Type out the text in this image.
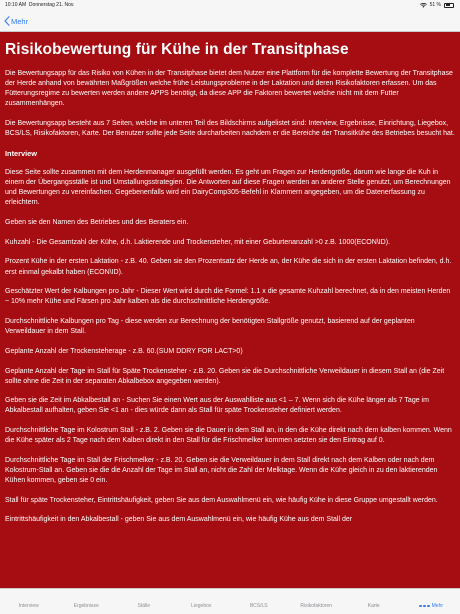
10:10 AM Donnerstag 21. Nov.	51 %
Mehr
Risikobewertung für Kühe in der Transitphase

Die Bewertungsapp für das Risiko von Kühen in der Transitphase bietet dem Nutzer eine Plattform für die komplette Bewertung der Transitphase der Herde anhand von bewährten Maßgrößen welche frühe Leistungsprobleme in der Laktation und deren Risikofaktoren erfassen. Um das Fütterungsregime zu bewerten werden andere APPS benötigt, da diese APP die Faktoren bewertet welche nicht mit dem Futter zusammenhängen.

Die Bewertungsapp besteht aus 7 Seiten, welche im unteren Teil des Bildschirms aufgelistet sind: Interview, Ergebnisse, Einrichtung, Liegebox, BCS/LS, Risikofaktoren, Karte. Der Benutzer sollte jede Seite durcharbeiten nachdem er die Bereiche der Transitkühe des Betriebes besucht hat.

Interview

Diese Seite sollte zusammen mit dem Herdenmanager ausgefüllt werden. Es geht um Fragen zur Herdengröße, darum wie lange die Kuh in einem der Übergangsställe ist und Umstallungsstrategien. Die Antworten auf diese Fragen werden an anderer Stelle genutzt, um Berechnungen und Bewertungen zu vereinfachen. Gegebenenfalls wird ein DairyComp305-Befehl in Klammern angegeben, um die Datenerfassung zu erleichtern.

Geben sie den Namen des Betriebes und des Beraters ein.

Kuhzahl - Die Gesamtzahl der Kühe, d.h. Laktierende und Trockensteher, mit einer Geburtenanzahl >0 z.B. 1000(ECON\ID).

Prozent Kühe in der ersten Laktation - z.B. 40. Geben sie den Prozentsatz der Herde an, der Kühe die sich in der ersten Laktation befinden, d.h. erst einmal gekalbt haben (ECON\ID).

Geschätzter Wert der Kalbungen pro Jahr - Dieser Wert wird durch die Formel: 1.1 x die gesamte Kuhzahl berechnet, da in den meisten Herden ~ 10% mehr Kühe und Färsen pro Jahr kalben als die durchschnittliche Herdengröße.

Durchschnittliche Kalbungen pro Tag - diese werden zur Berechnung der benötigten Stallgröße genutzt, basierend auf der geplanten Verweildauer in dem Stall.

Geplante Anzahl der Trockensteherage - z.B. 60.(SUM DDRY FOR LACT>0)

Geplante Anzahl der Tage im Stall für Späte Trockensteher - z.B. 20. Geben sie die Durchschnittliche Verweildauer in diesem Stall an (die Zeit sollte ohne die Zeit in der separaten Abkalbebox angegeben werden).

Geben sie die Zeit im Abkalbestall an - Suchen Sie einen Wert aus der Auswahlliste aus <1 – 7. Wenn sich die Kühe länger als 7 Tage im Abkalbestall aufhalten, geben Sie <1 an - dies würde dann als Stall für späte Trockensteher definiert werden.

Durchschnittliche Tage im Kolostrum Stall - z.B. 2. Geben sie die Dauer in dem Stall an, in den die Kühe direkt nach dem kalben kommen. Wenn die Kühe später als 2 Tage nach dem Kalben direkt in den Stall für die Frischmelker kommen setzten sie den Eintrag auf 0.

Durchschnittliche Tage im Stall der Frischmelker - z.B. 20. Geben sie die Verweildauer in dem Stall direkt nach dem Kalben oder nach dem Kolostrum-Stall an. Geben sie die die Anzahl der Tage im Stall an, nicht die Zahl der Melktage. Wenn die Kühe gleich in zu den laktierenden Kühen kommen, geben sie 0 ein.

Stall für späte Trockensteher, Eintrittshäufigkeit, geben Sie aus dem Auswahlmenü ein, wie häufig Kühe in diese Gruppe umgestallt werden.

Eintrittshäufigkeit in den Abkalbestall - geben Sie aus dem Auswahlmenü ein, wie häufig Kühe aus dem Stall der

Interview	Ergebnisse	Ställe	Liegebox	BCS/LS	Risikofaktoren	Karte	Mehr
